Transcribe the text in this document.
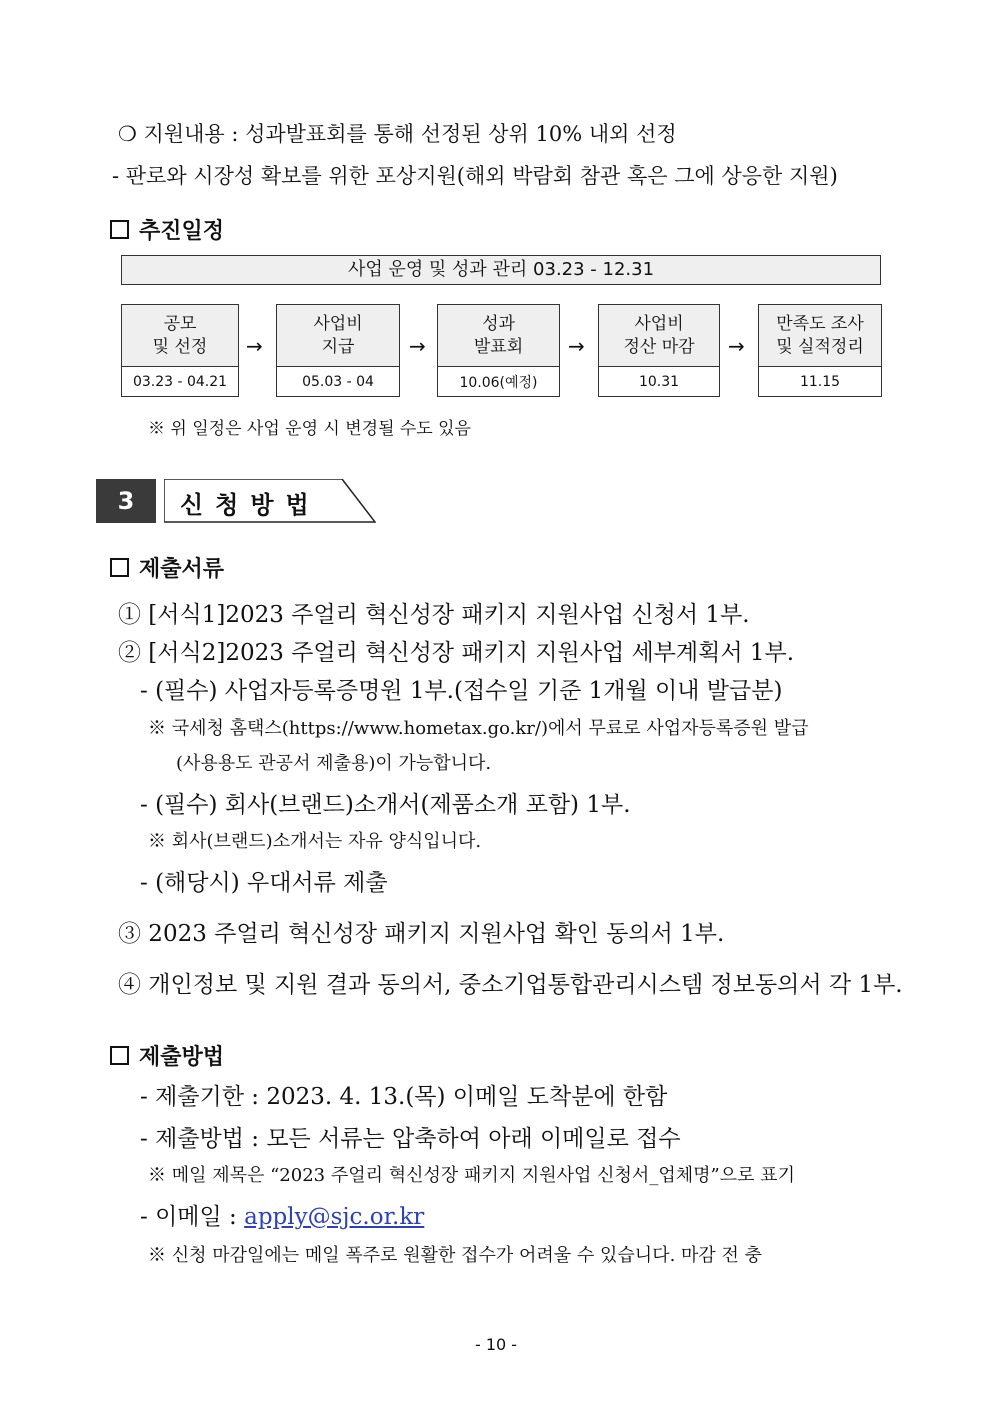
❍ 지원내용 : 성과발표회를 통해 선정된 상위 10% 내외 선정
- 판로와 시장성 확보를 위한 포상지원(해외 박람회 참관 혹은 그에 상응한 지원)
추진일정
사업 운영 및 성과 관리 03.23 - 12.31
공모
및 선정
03.23 - 04.21
→
사업비
지급
05.03 - 04
→
성과
발표회
10.06(예정)
→
사업비
정산 마감
10.31
→
만족도 조사
및 실적정리
11.15
※ 위 일정은 사업 운영 시 변경될 수도 있음
3	신청방법
제출서류
① [서식1]2023 주얼리 혁신성장 패키지 지원사업 신청서 1부.
② [서식2]2023 주얼리 혁신성장 패키지 지원사업 세부계획서 1부.
- (필수) 사업자등록증명원 1부.(접수일 기준 1개월 이내 발급분)
※ 국세청 홈택스(https://www.hometax.go.kr/)에서 무료로 사업자등록증원 발급
(사용용도 관공서 제출용)이 가능합니다.
- (필수) 회사(브랜드)소개서(제품소개 포함) 1부.
※ 회사(브랜드)소개서는 자유 양식입니다.
- (해당시) 우대서류 제출
③ 2023 주얼리 혁신성장 패키지 지원사업 확인 동의서 1부.
④ 개인정보 및 지원 결과 동의서, 중소기업통합관리시스템 정보동의서 각 1부.
제출방법
- 제출기한 : 2023. 4. 13.(목) 이메일 도착분에 한함
- 제출방법 : 모든 서류는 압축하여 아래 이메일로 접수
※ 메일 제목은 “2023 주얼리 혁신성장 패키지 지원사업 신청서_업체명”으로 표기
- 이메일 : apply@sjc.or.kr
※ 신청 마감일에는 메일 폭주로 원활한 접수가 어려울 수 있습니다. 마감 전 충
- 10 -
